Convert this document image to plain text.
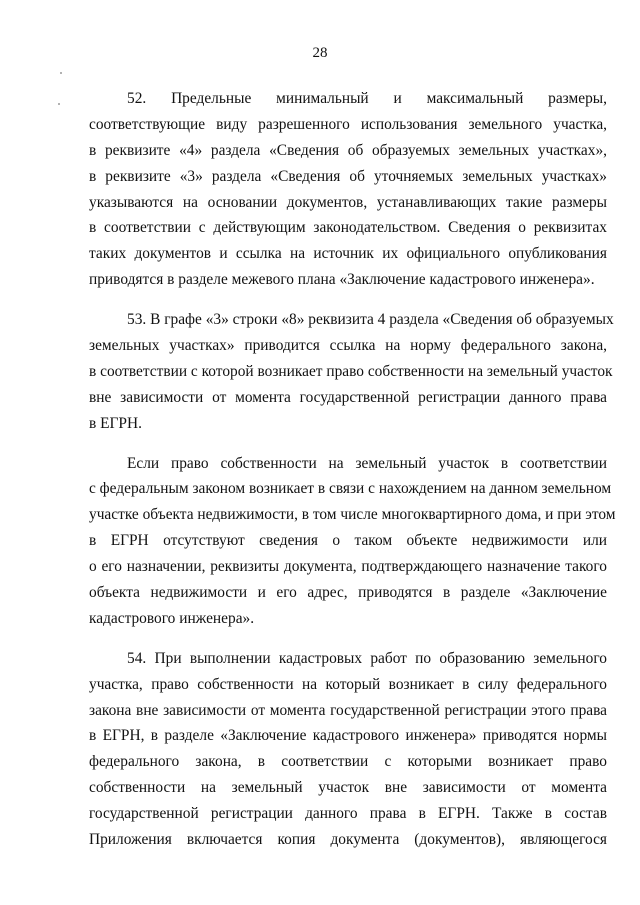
28

52. Предельные минимальный и максимальный размеры,
соответствующие виду разрешенного использования земельного участка,
в реквизите «4» раздела «Сведения об образуемых земельных участках»,
в реквизите «3» раздела «Сведения об уточняемых земельных участках»
указываются на основании документов, устанавливающих такие размеры
в соответствии с действующим законодательством. Сведения о реквизитах
таких документов и ссылка на источник их официального опубликования
приводятся в разделе межевого плана «Заключение кадастрового инженера».

53. В графе «3» строки «8» реквизита 4 раздела «Сведения об образуемых
земельных участках» приводится ссылка на норму федерального закона,
в соответствии с которой возникает право собственности на земельный участок
вне зависимости от момента государственной регистрации данного права
в ЕГРН.

Если право собственности на земельный участок в соответствии
с федеральным законом возникает в связи с нахождением на данном земельном
участке объекта недвижимости, в том числе многоквартирного дома, и при этом
в ЕГРН отсутствуют сведения о таком объекте недвижимости или
о его назначении, реквизиты документа, подтверждающего назначение такого
объекта недвижимости и его адрес, приводятся в разделе «Заключение
кадастрового инженера».

54. При выполнении кадастровых работ по образованию земельного
участка, право собственности на который возникает в силу федерального
закона вне зависимости от момента государственной регистрации этого права
в ЕГРН, в разделе «Заключение кадастрового инженера» приводятся нормы
федерального закона, в соответствии с которыми возникает право
собственности на земельный участок вне зависимости от момента
государственной регистрации данного права в ЕГРН. Также в состав
Приложения включается копия документа (документов), являющегося
